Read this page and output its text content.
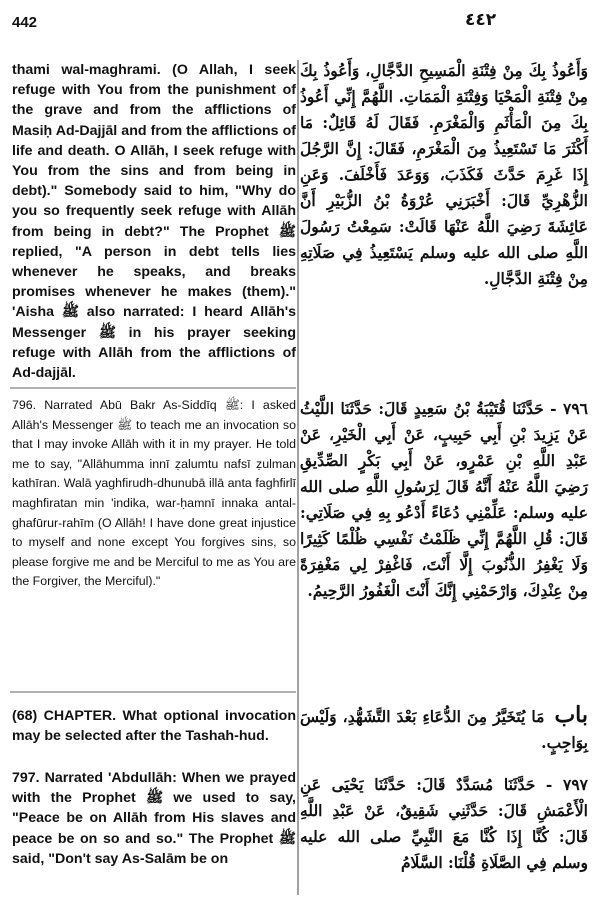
442	٤٤٢
thami wal-maghrami. (O Allah, I seek refuge with You from the punishment of the grave and from the afflictions of Masiḥ Ad-Dajjāl and from the afflictions of life and death. O Allāh, I seek refuge with You from the sins and from being in debt)." Somebody said to him, "Why do you so frequently seek refuge with Allāh from being in debt?" The Prophet ﷺ replied, "A person in debt tells lies whenever he speaks, and breaks promises whenever he makes (them)." 'Aisha ﷺ also narrated: I heard Allāh's Messenger ﷺ in his prayer seeking refuge with Allāh from the afflictions of Ad-dajjāl.
796. Narrated Abū Bakr As-Siddīq ﷺ: I asked Allāh's Messenger ﷺ to teach me an invocation so that I may invoke Allāh with it in my prayer. He told me to say, "Allāhumma innī ẓalumtu nafsī ẓulman kathīran. Walā yaghfirudh-dhunubā illā anta faghfirlī maghfiratan min 'indika, war-ḥamnī innaka antal-ghafūrur-rahīm (O Allāh! I have done great injustice to myself and none except You forgives sins, so please forgive me and be Merciful to me as You are the Forgiver, the Merciful)."
(68) CHAPTER. What optional invocation may be selected after the Tashah-hud.
797. Narrated 'Abdullāh: When we prayed with the Prophet ﷺ we used to say, "Peace be on Allāh from His slaves and peace be on so and so." The Prophet ﷺ said, "Don't say As-Salām be on
وَأَعُوذُ بِكَ مِنْ فِتْنَةِ الْمَسِيحِ الدَّجَّالِ، وَأَعُوذُ بِكَ مِنْ فِتْنَةِ الْمَحْيَا وَفِتْنَةِ الْمَمَاتِ. اللَّهُمَّ إِنِّي أَعُوذُ بِكَ مِنَ الْمَأْثَمِ وَالْمَغْرَمِ. فَقَالَ لَهُ قَائِلٌ: مَا أَكْثَرَ مَا تَسْتَعِيذُ مِنَ الْمَغْرَمِ، فَقَالَ: إِنَّ الرَّجُلَ إِذَا غَرِمَ حَدَّثَ فَكَذَبَ، وَوَعَدَ فَأَخْلَفَ. وَعَنِ الزُّهْرِيِّ قَالَ: أَخْبَرَنِي عُرْوَةُ بْنُ الزُّبَيْرِ أَنَّ عَائِشَةَ رَضِيَ اللَّهُ عَنْهَا قَالَتْ: سَمِعْتُ رَسُولَ اللَّهِ صلى الله عليه وسلم يَسْتَعِيذُ فِي صَلَاتِهِ مِنْ فِتْنَةِ الدَّجَّالِ.
٧٩٦ - حَدَّثَنَا قُتَيْبَةُ بْنُ سَعِيدٍ قَالَ: حَدَّثَنَا اللَّيْثُ عَنْ يَزِيدَ بْنِ أَبِي حَبِيبٍ، عَنْ أَبِي الْخَيْرِ، عَنْ عَبْدِ اللَّهِ بْنِ عَمْرٍو، عَنْ أَبِي بَكْرٍ الصِّدِّيقِ رَضِيَ اللَّهُ عَنْهُ أَنَّهُ قَالَ لِرَسُولِ اللَّهِ صلى الله عليه وسلم: عَلِّمْنِي دُعَاءً أَدْعُو بِهِ فِي صَلَاتِي: قَالَ: قُلِ اللَّهُمَّ إِنِّي ظَلَمْتُ نَفْسِي ظُلْمًا كَثِيرًا وَلَا يَغْفِرُ الذُّنُوبَ إِلَّا أَنْتَ، فَاغْفِرْ لِي مَغْفِرَةً مِنْ عِنْدِكَ، وَارْحَمْنِي إِنَّكَ أَنْتَ الْغَفُورُ الرَّحِيمُ.
باب مَا يُتَخَيَّرُ مِنَ الدُّعَاءِ بَعْدَ التَّشَهُّدِ، وَلَيْسَ بِوَاجِبٍ.
٧٩٧ - حَدَّثَنَا مُسَدَّدٌ قَالَ: حَدَّثَنَا يَحْيَى عَنِ الْأَعْمَشِ قَالَ: حَدَّثَنِي شَقِيقٌ، عَنْ عَبْدِ اللَّهِ قَالَ: كُنَّا إِذَا كُنَّا مَعَ النَّبِيِّ صلى الله عليه وسلم فِي الصَّلَاةِ قُلْنَا: السَّلَامُ
